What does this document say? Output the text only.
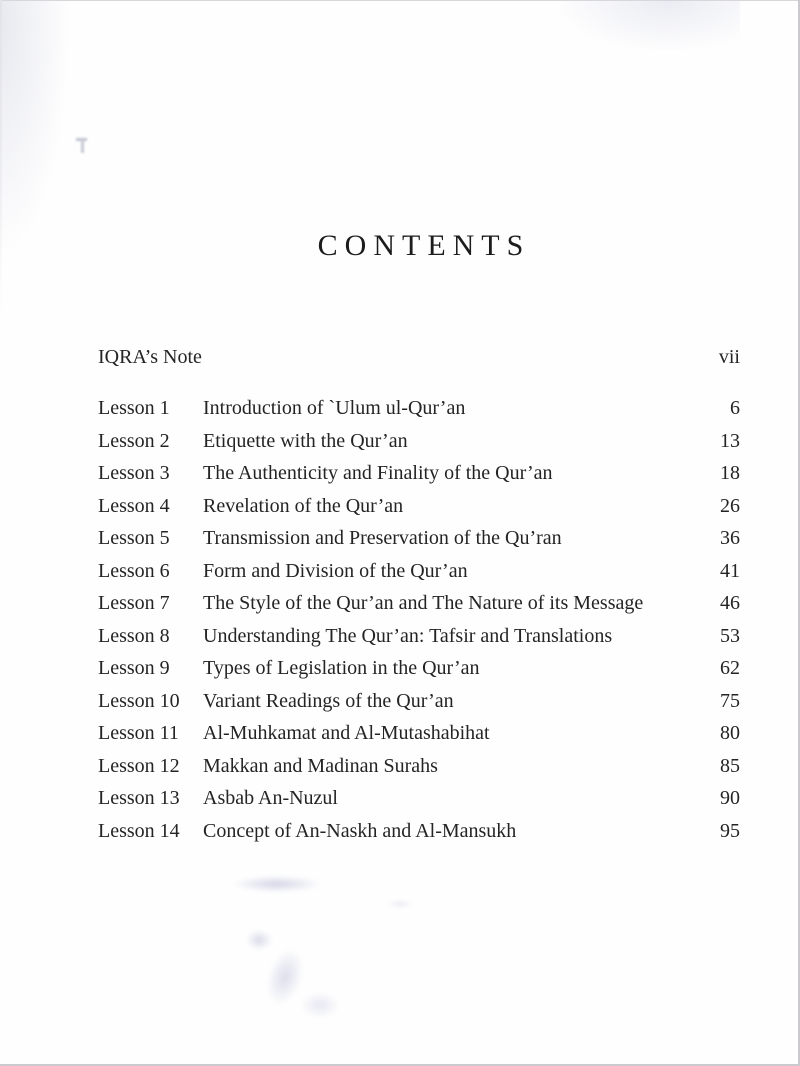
CONTENTS
IQRA’s Note	vii
Lesson 1	Introduction of `Ulum ul-Qur’an	6
Lesson 2	Etiquette with the Qur’an	13
Lesson 3	The Authenticity and Finality of the Qur’an	18
Lesson 4	Revelation of the Qur’an	26
Lesson 5	Transmission and Preservation of the Qu’ran	36
Lesson 6	Form and Division of the Qur’an	41
Lesson 7	The Style of the Qur’an and The Nature of its Message	46
Lesson 8	Understanding The Qur’an: Tafsir and Translations	53
Lesson 9	Types of Legislation in the Qur’an	62
Lesson 10	Variant Readings of the Qur’an	75
Lesson 11	Al-Muhkamat and Al-Mutashabihat	80
Lesson 12	Makkan and Madinan Surahs	85
Lesson 13	Asbab An-Nuzul	90
Lesson 14	Concept of An-Naskh and Al-Mansukh	95
